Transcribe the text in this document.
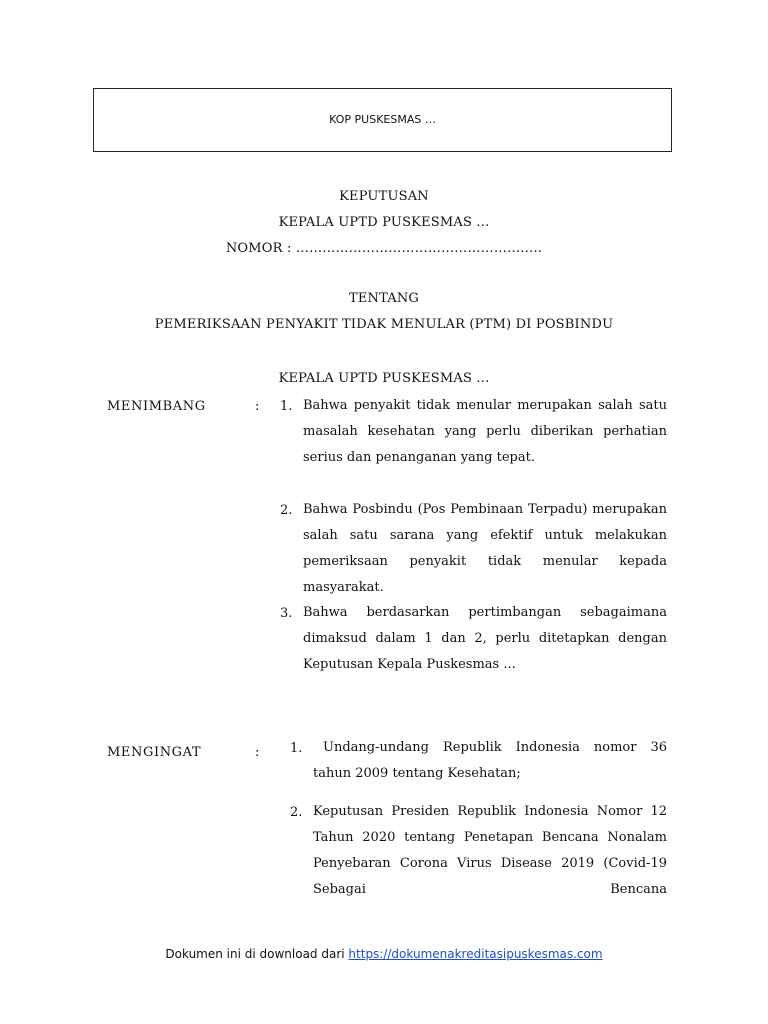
KOP PUSKESMAS …
KEPUTUSAN
KEPALA UPTD PUSKESMAS ...
NOMOR : ………………………………………………..
TENTANG
PEMERIKSAAN PENYAKIT TIDAK MENULAR (PTM) DI POSBINDU
KEPALA UPTD PUSKESMAS ...
MENIMBANG	: 1. Bahwa penyakit tidak menular merupakan salah satu masalah kesehatan yang perlu diberikan perhatian serius dan penanganan yang tepat.

2. Bahwa Posbindu (Pos Pembinaan Terpadu) merupakan salah satu sarana yang efektif untuk melakukan pemeriksaan penyakit tidak menular kepada masyarakat.

3. Bahwa berdasarkan pertimbangan sebagaimana dimaksud dalam 1 dan 2, perlu ditetapkan dengan Keputusan Kepala Puskesmas ...

MENGINGAT	: 1.	Undang-undang Republik Indonesia nomor 36 tahun 2009 tentang Kesehatan;

2. Keputusan Presiden Republik Indonesia Nomor 12 Tahun 2020 tentang Penetapan Bencana Nonalam Penyebaran Corona Virus Disease 2019 (Covid-19 Sebagai Bencana

Dokumen ini di download dari https://dokumenakreditasipuskesmas.com
